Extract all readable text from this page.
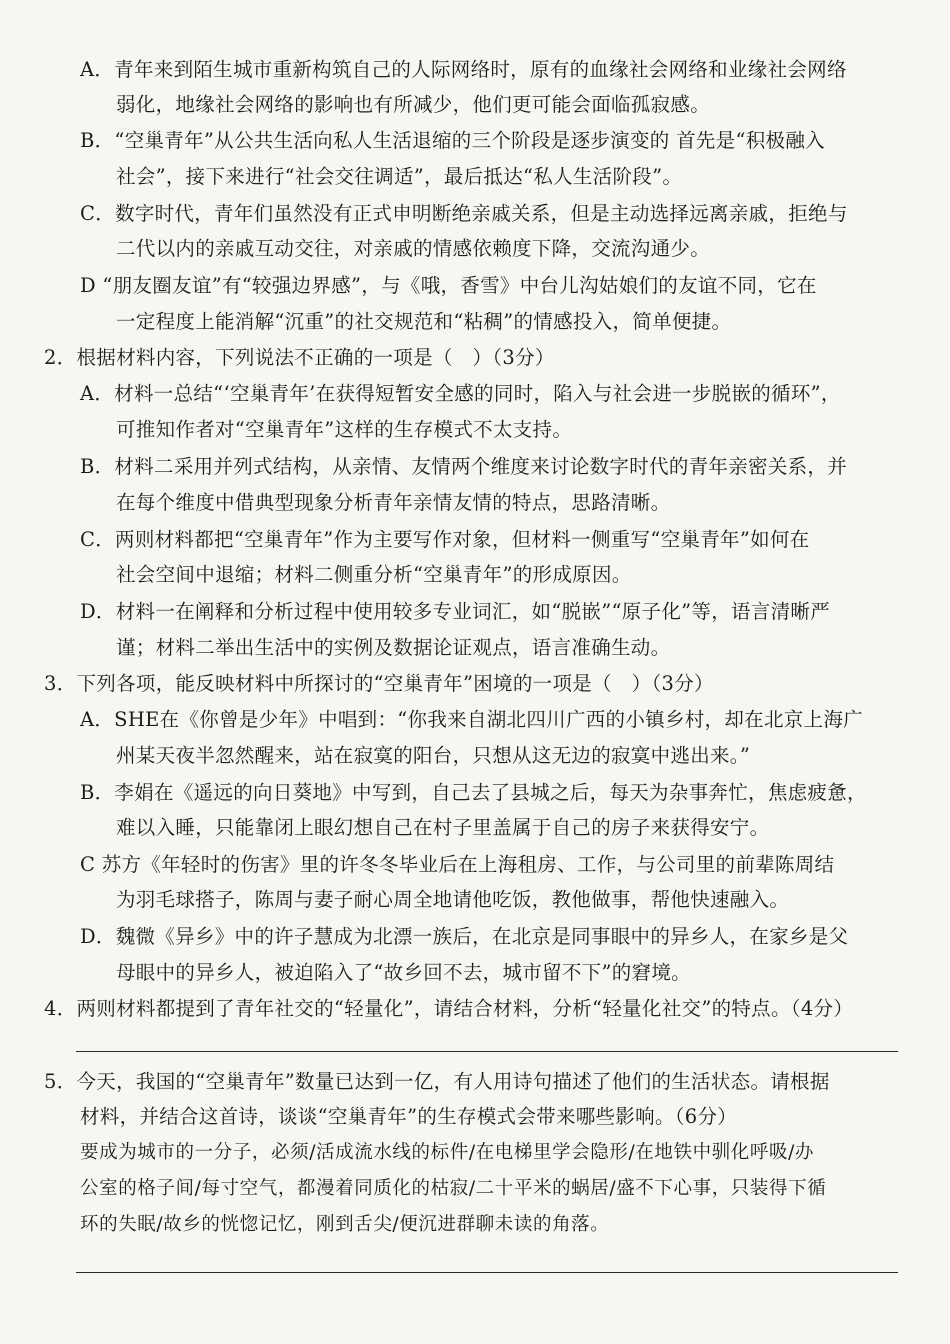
A．青年来到陌生城市重新构筑自己的人际网络时，原有的血缘社会网络和业缘社会网络
弱化，地缘社会网络的影响也有所减少，他们更可能会面临孤寂感。
B．“空巢青年”从公共生活向私人生活退缩的三个阶段是逐步演变的 首先是“积极融入
社会”，接下来进行“社会交往调适”，最后抵达“私人生活阶段”。
C．数字时代，青年们虽然没有正式申明断绝亲戚关系，但是主动选择远离亲戚，拒绝与
二代以内的亲戚互动交往，对亲戚的情感依赖度下降，交流沟通少。
D “朋友圈友谊”有“较强边界感”，与《哦，香雪》中台儿沟姑娘们的友谊不同，它在
一定程度上能消解“沉重”的社交规范和“粘稠”的情感投入，简单便捷。
2．根据材料内容，下列说法不正确的一项是（　）（3分）
A．材料一总结“‘空巢青年’在获得短暂安全感的同时，陷入与社会进一步脱嵌的循环”，
可推知作者对“空巢青年”这样的生存模式不太支持。
B．材料二采用并列式结构，从亲情、友情两个维度来讨论数字时代的青年亲密关系，并
在每个维度中借典型现象分析青年亲情友情的特点，思路清晰。
C．两则材料都把“空巢青年”作为主要写作对象，但材料一侧重写“空巢青年”如何在
社会空间中退缩；材料二侧重分析“空巢青年”的形成原因。
D．材料一在阐释和分析过程中使用较多专业词汇，如“脱嵌”“原子化”等，语言清晰严
谨；材料二举出生活中的实例及数据论证观点，语言准确生动。
3．下列各项，能反映材料中所探讨的“空巢青年”困境的一项是（　）（3分）
A．SHE在《你曾是少年》中唱到：“你我来自湖北四川广西的小镇乡村，却在北京上海广
州某天夜半忽然醒来，站在寂寞的阳台，只想从这无边的寂寞中逃出来。”
B．李娟在《遥远的向日葵地》中写到，自己去了县城之后，每天为杂事奔忙，焦虑疲惫，
难以入睡，只能靠闭上眼幻想自己在村子里盖属于自己的房子来获得安宁。
C 苏方《年轻时的伤害》里的许冬冬毕业后在上海租房、工作，与公司里的前辈陈周结
为羽毛球搭子，陈周与妻子耐心周全地请他吃饭，教他做事，帮他快速融入。
D．魏微《异乡》中的许子慧成为北漂一族后，在北京是同事眼中的异乡人，在家乡是父
母眼中的异乡人，被迫陷入了“故乡回不去，城市留不下”的窘境。
4．两则材料都提到了青年社交的“轻量化”，请结合材料，分析“轻量化社交”的特点。（4分）
5．今天，我国的“空巢青年”数量已达到一亿，有人用诗句描述了他们的生活状态。请根据
材料，并结合这首诗，谈谈“空巢青年”的生存模式会带来哪些影响。（6分）
要成为城市的一分子，必须/活成流水线的标件/在电梯里学会隐形/在地铁中驯化呼吸/办
公室的格子间/每寸空气，都漫着同质化的枯寂/二十平米的蜗居/盛不下心事，只装得下循
环的失眠/故乡的恍惚记忆，刚到舌尖/便沉进群聊未读的角落。
